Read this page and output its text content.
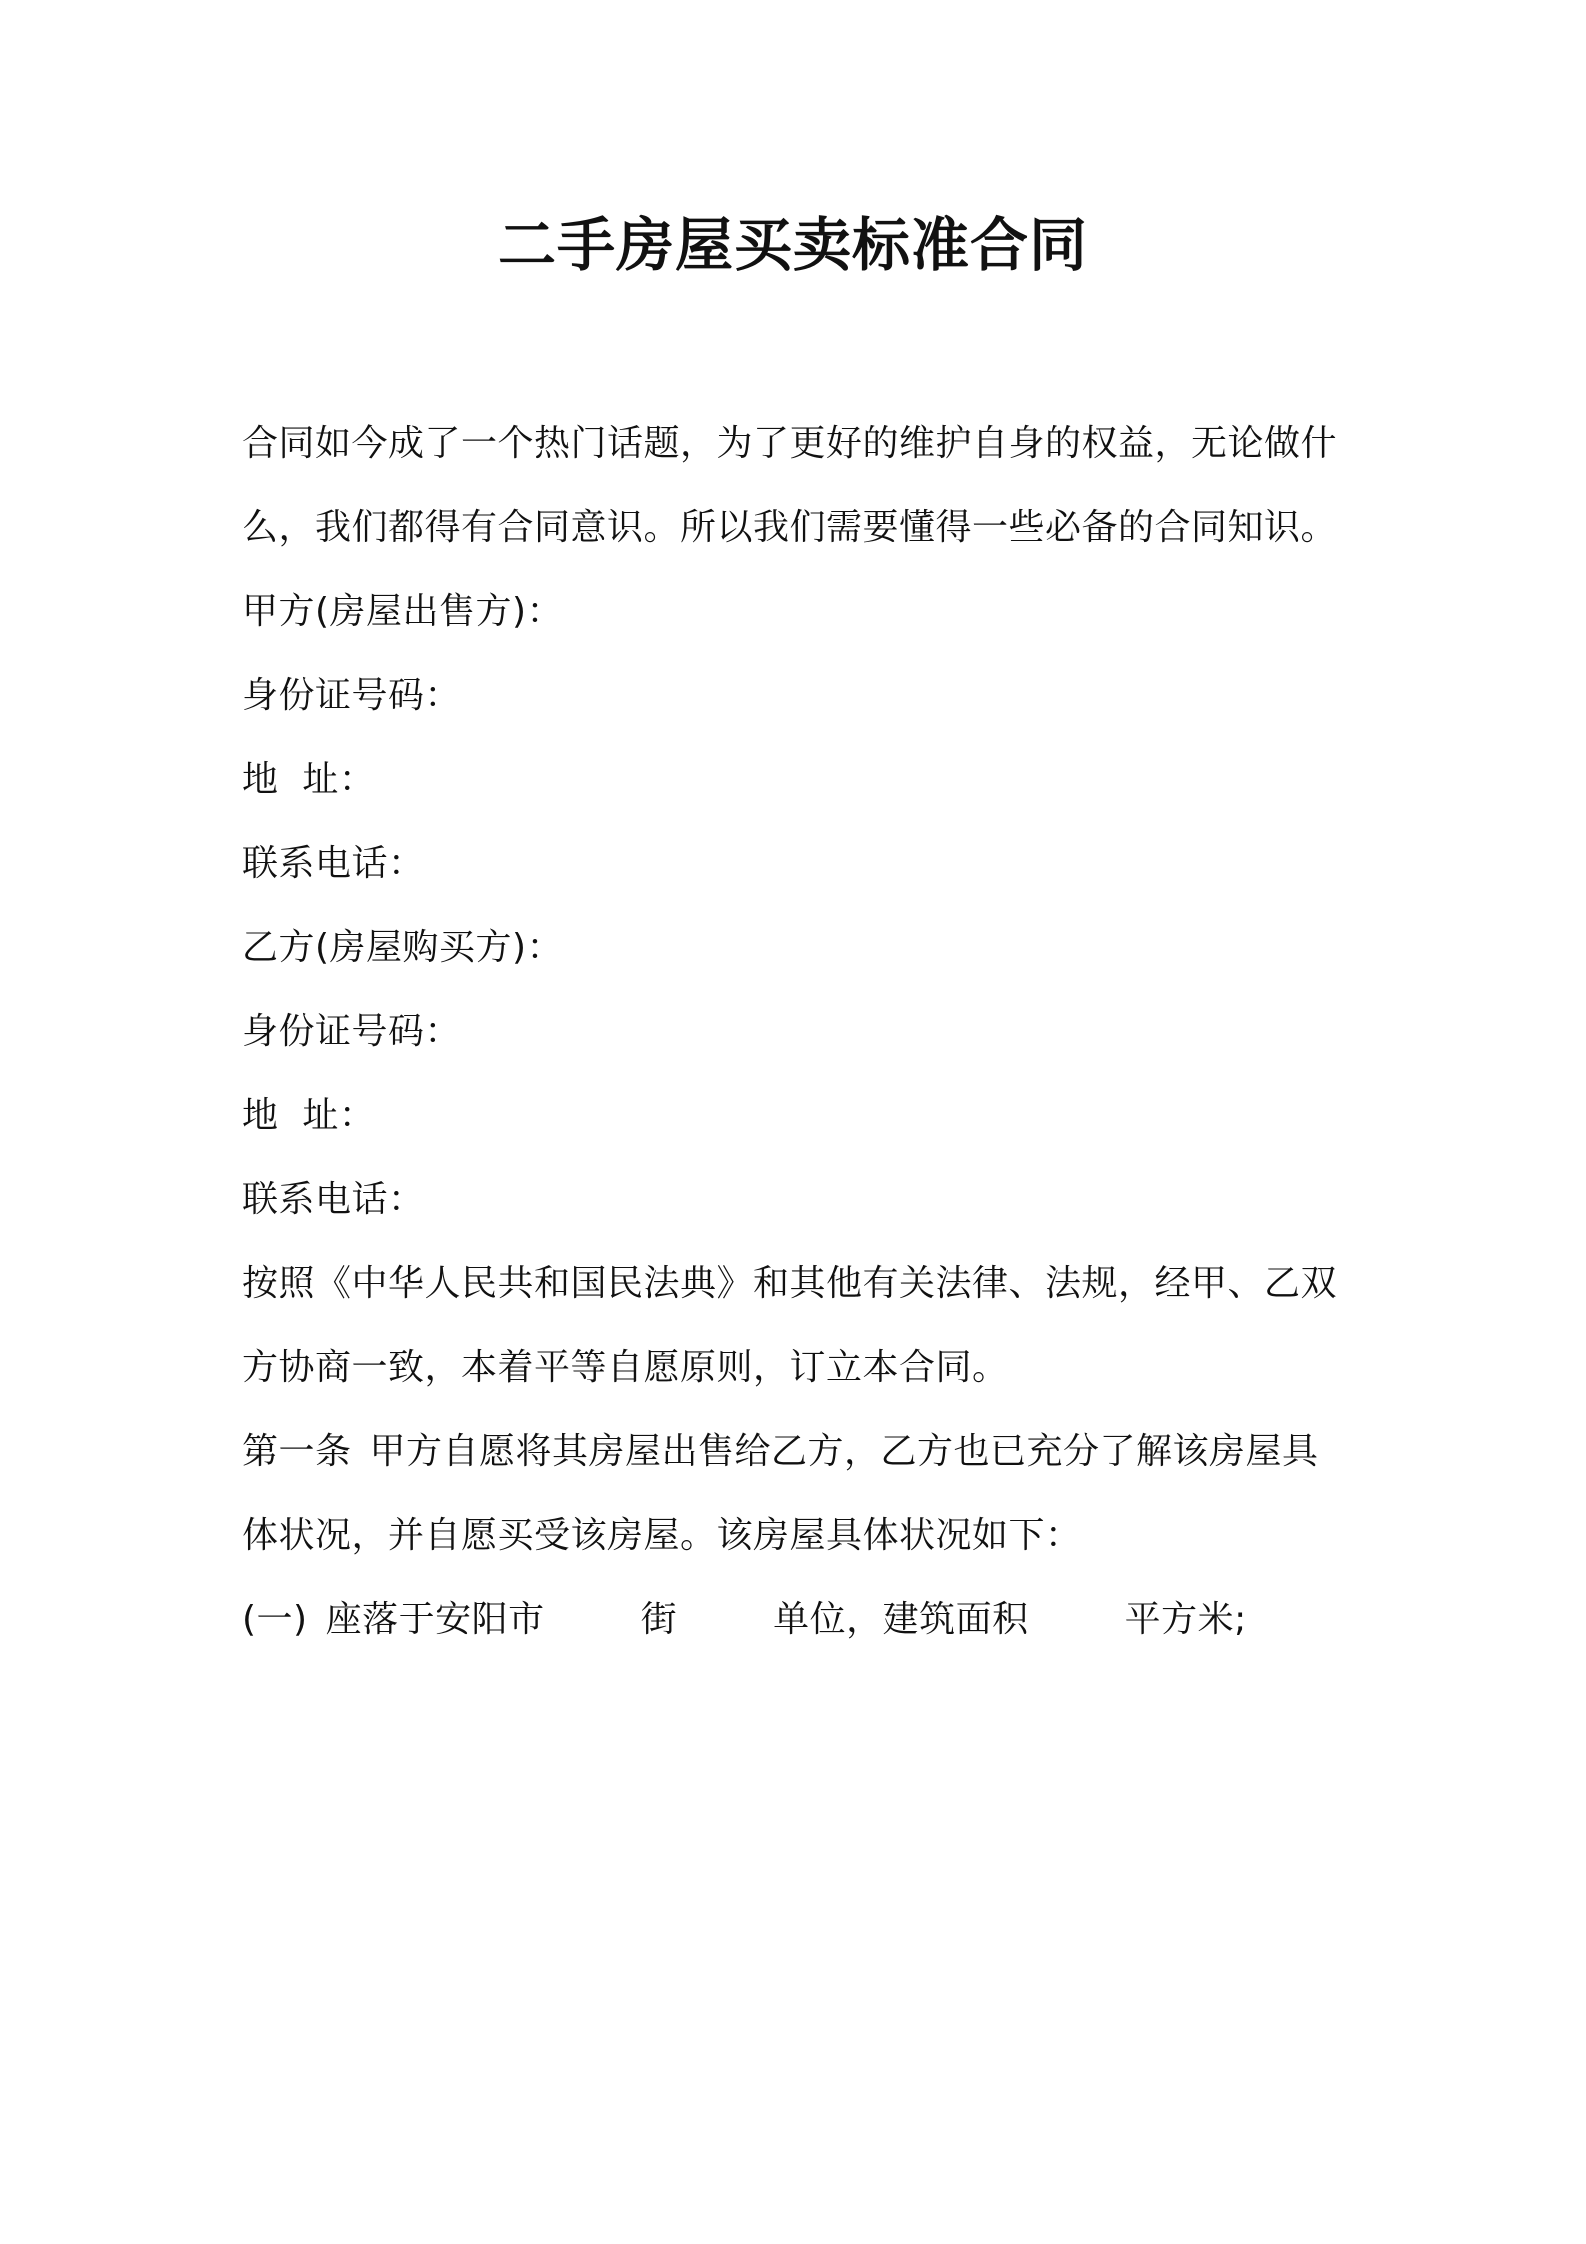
二手房屋买卖标准合同

合同如今成了一个热门话题，为了更好的维护自身的权益，无论做什

么，我们都得有合同意识。所以我们需要懂得一些必备的合同知识。

甲方(房屋出售方)：

身份证号码：

地  址：

联系电话：

乙方(房屋购买方)：

身份证号码：

地  址：

联系电话：

按照《中华人民共和国民法典》和其他有关法律、法规，经甲、乙双

方协商一致，本着平等自愿原则，订立本合同。

第一条 甲方自愿将其房屋出售给乙方，乙方也已充分了解该房屋具

体状况，并自愿买受该房屋。该房屋具体状况如下：

(一) 座落于安阳市	街	单位，建筑面积	平方米;
